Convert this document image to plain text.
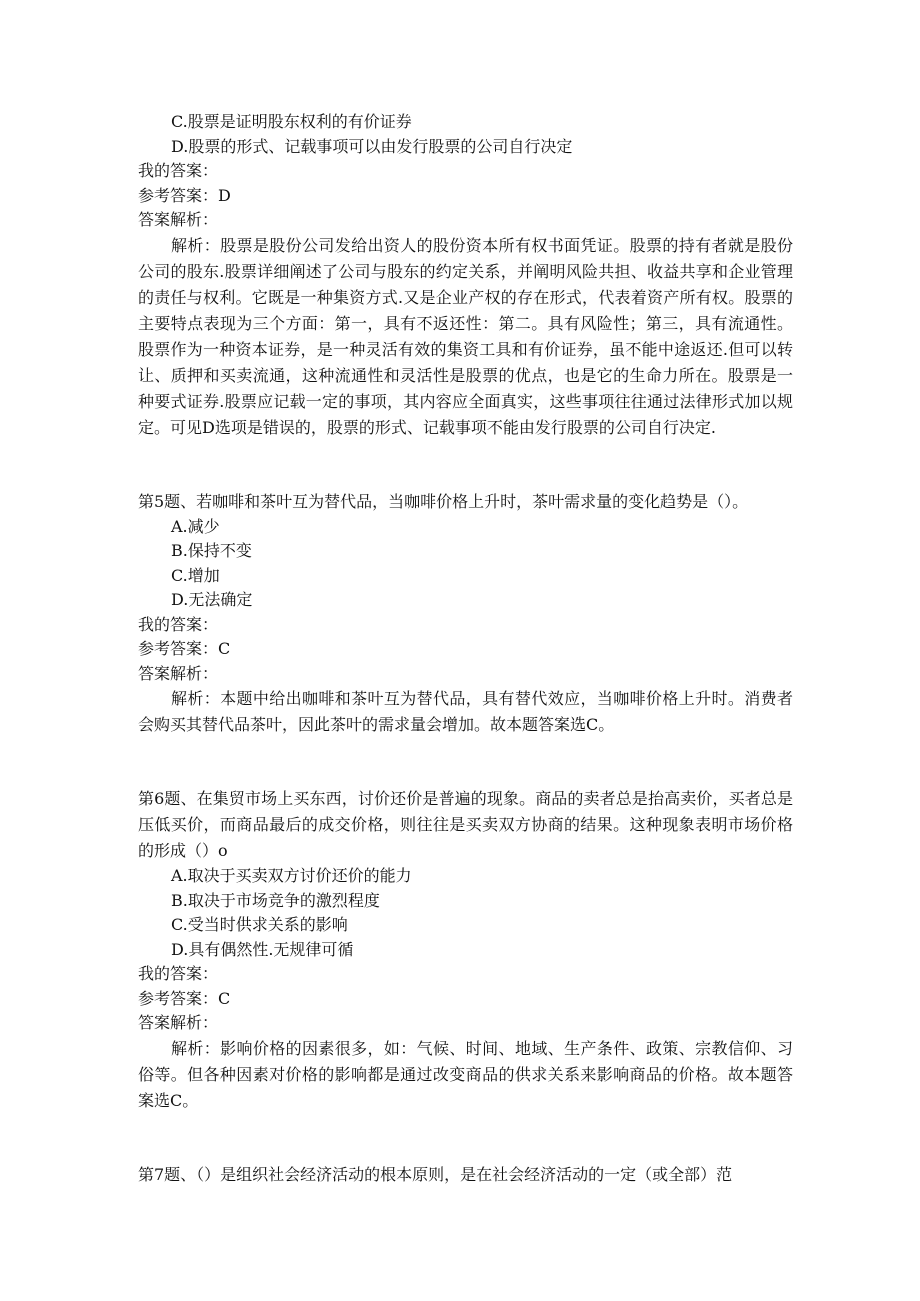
C.股票是证明股东权利的有价证券

D.股票的形式、记载事项可以由发行股票的公司自行决定

我的答案：

参考答案：D

答案解析：

解析：股票是股份公司发给出资人的股份资本所有权书面凭证。股票的持有者就是股份公司的股东.股票详细阐述了公司与股东的约定关系，并阐明风险共担、收益共享和企业管理的责任与权利。它既是一种集资方式.又是企业产权的存在形式，代表着资产所有权。股票的主要特点表现为三个方面：第一，具有不返还性：第二。具有风险性；第三，具有流通性。股票作为一种资本证券，是一种灵活有效的集资工具和有价证券，虽不能中途返还.但可以转让、质押和买卖流通，这种流通性和灵活性是股票的优点，也是它的生命力所在。股票是一种要式证券.股票应记载一定的事项，其内容应全面真实，这些事项往往通过法律形式加以规定。可见D选项是错误的，股票的形式、记载事项不能由发行股票的公司自行决定.

第5题、若咖啡和茶叶互为替代品，当咖啡价格上升时，茶叶需求量的变化趋势是（）。

A.减少

B.保持不变

C.增加

D.无法确定

我的答案：

参考答案：C

答案解析：

解析：本题中给出咖啡和茶叶互为替代品，具有替代效应，当咖啡价格上升时。消费者会购买其替代品茶叶，因此茶叶的需求量会增加。故本题答案选C。

第6题、在集贸市场上买东西，讨价还价是普遍的现象。商品的卖者总是抬高卖价，买者总是压低买价，而商品最后的成交价格，则往往是买卖双方协商的结果。这种现象表明市场价格的形成（）o

A.取决于买卖双方讨价还价的能力

B.取决于市场竞争的激烈程度

C.受当时供求关系的影响

D.具有偶然性.无规律可循

我的答案：

参考答案：C

答案解析：

解析：影响价格的因素很多，如：气候、时间、地域、生产条件、政策、宗教信仰、习俗等。但各种因素对价格的影响都是通过改变商品的供求关系来影响商品的价格。故本题答案选C。

第7题、（）是组织社会经济活动的根本原则，是在社会经济活动的一定（或全部）范
